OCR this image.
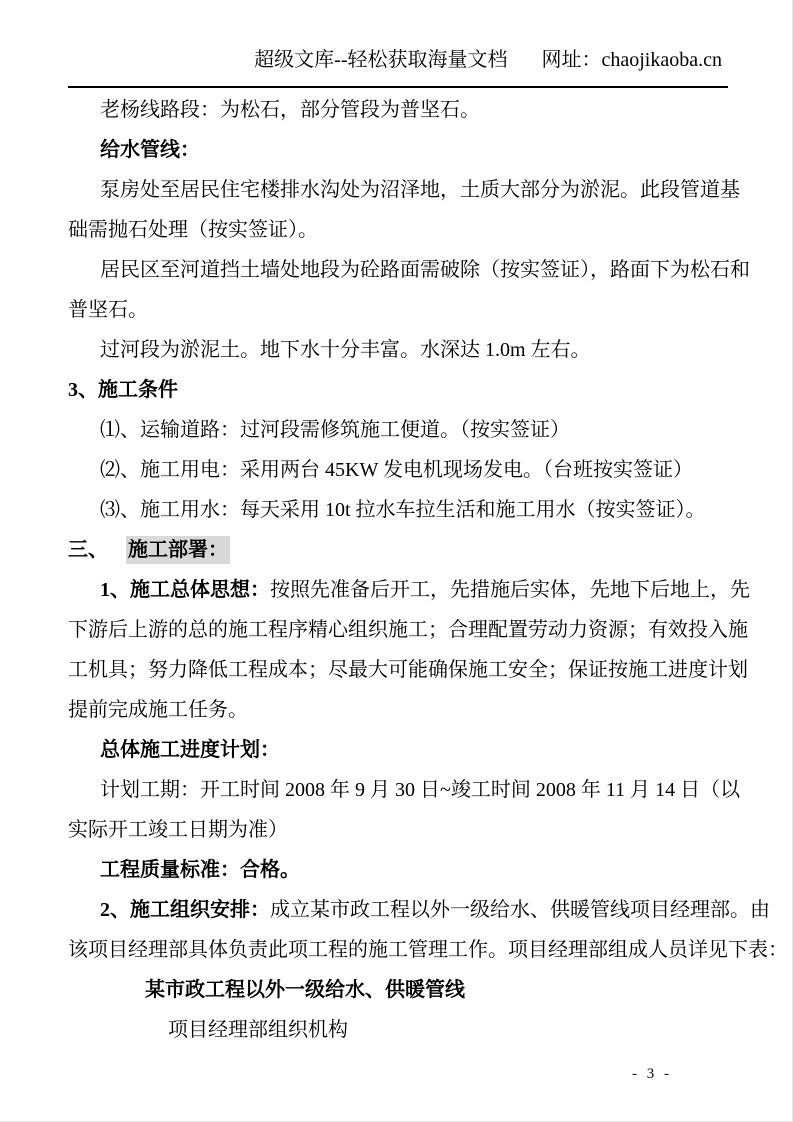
超级文库--轻松获取海量文档 网址：chaojikaoba.cn
老杨线路段：为松石，部分管段为普坚石。
给水管线：
泵房处至居民住宅楼排水沟处为沼泽地，土质大部分为淤泥。此段管道基
础需抛石处理（按实签证）。
居民区至河道挡土墙处地段为砼路面需破除（按实签证），路面下为松石和
普坚石。
过河段为淤泥土。地下水十分丰富。水深达 1.0m 左右。
3、施工条件
⑴、运输道路：过河段需修筑施工便道。（按实签证）
⑵、施工用电：采用两台 45KW 发电机现场发电。（台班按实签证）
⑶、施工用水：每天采用 10t 拉水车拉生活和施工用水（按实签证）。
三、 施工部署：
1、施工总体思想：按照先准备后开工，先措施后实体，先地下后地上，先
下游后上游的总的施工程序精心组织施工；合理配置劳动力资源；有效投入施
工机具；努力降低工程成本；尽最大可能确保施工安全；保证按施工进度计划
提前完成施工任务。
总体施工进度计划：
计划工期：开工时间 2008 年 9 月 30 日~竣工时间 2008 年 11 月 14 日（以
实际开工竣工日期为准）
工程质量标准：合格。
2、施工组织安排：成立某市政工程以外一级给水、供暖管线项目经理部。由
该项目经理部具体负责此项工程的施工管理工作。项目经理部组成人员详见下表：
某市政工程以外一级给水、供暖管线
项目经理部组织机构
- 3 -
